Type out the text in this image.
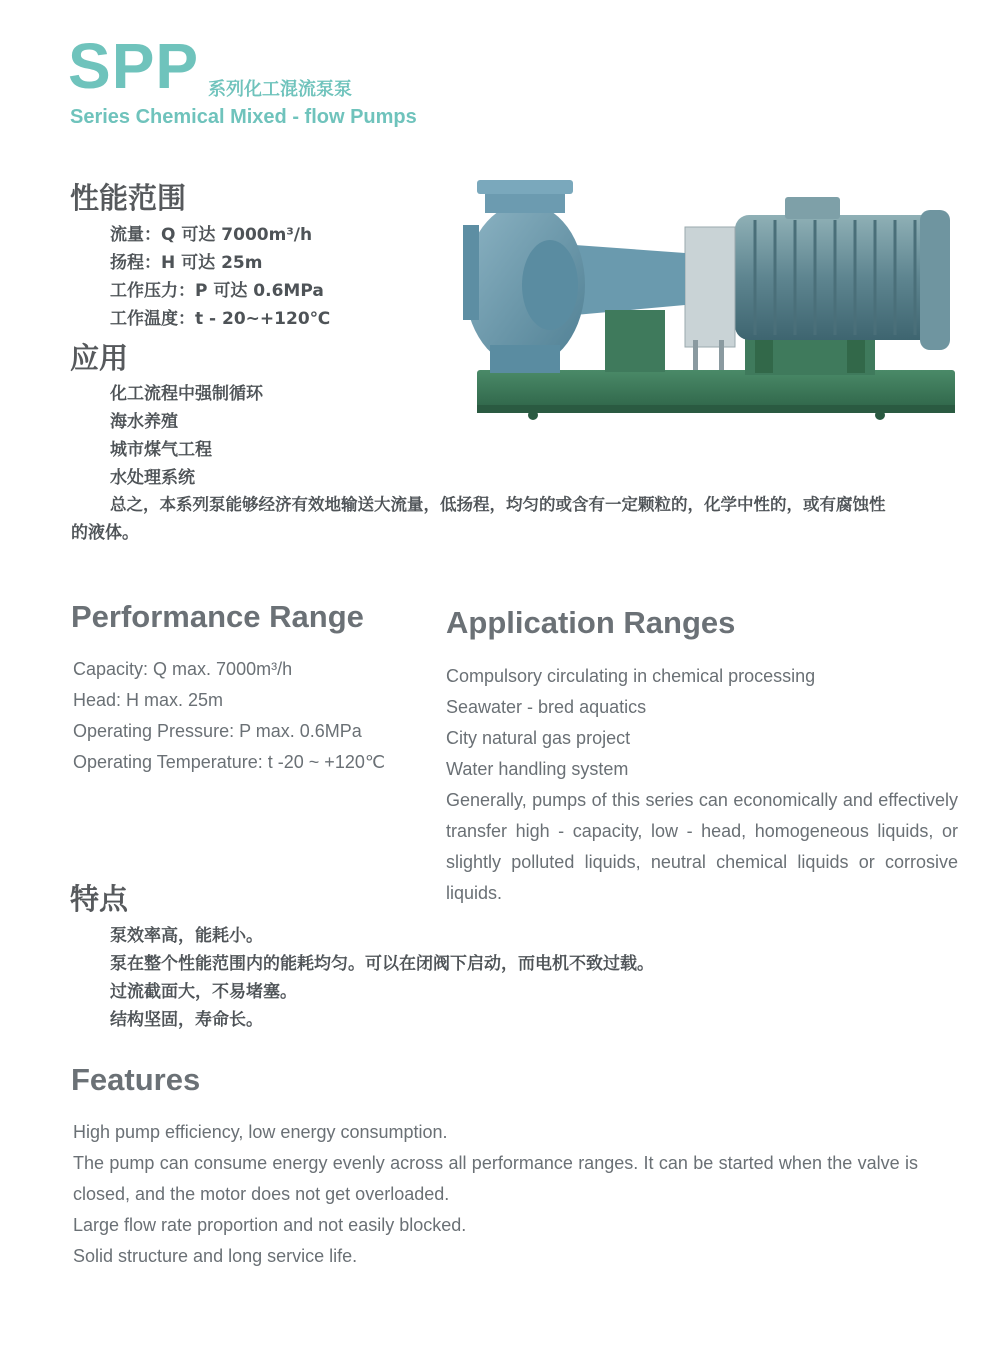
SPP 系列化工混流泵泵
Series Chemical Mixed - flow Pumps
性能范围
流量：Q 可达 7000m³/h
扬程：H 可达 25m
工作压力：P 可达 0.6MPa
工作温度：t - 20~+120℃
应用
化工流程中强制循环
海水养殖
城市煤气工程
水处理系统
总之，本系列泵能够经济有效地输送大流量，低扬程，均匀的或含有一定颗粒的，化学中性的，或有腐蚀性
的液体。
Performance Range
Capacity: Q max. 7000m³/h
Head: H max. 25m
Operating Pressure: P max. 0.6MPa
Operating Temperature: t -20 ~ +120℃
Application Ranges
Compulsory circulating in chemical processing
Seawater - bred aquatics
City natural gas project
Water handling system
Generally, pumps of this series can economically and effectively transfer high - capacity, low - head, homogeneous liquids, or slightly polluted liquids, neutral chemical liquids or corrosive liquids.
特点
泵效率高，能耗小。
泵在整个性能范围内的能耗均匀。可以在闭阀下启动，而电机不致过载。
过流截面大，不易堵塞。
结构坚固，寿命长。
Features
High pump efficiency, low energy consumption.
The pump can consume energy evenly across all performance ranges. It can be started when the valve is closed, and the motor does not get overloaded.
Large flow rate proportion and not easily blocked.
Solid structure and long service life.
